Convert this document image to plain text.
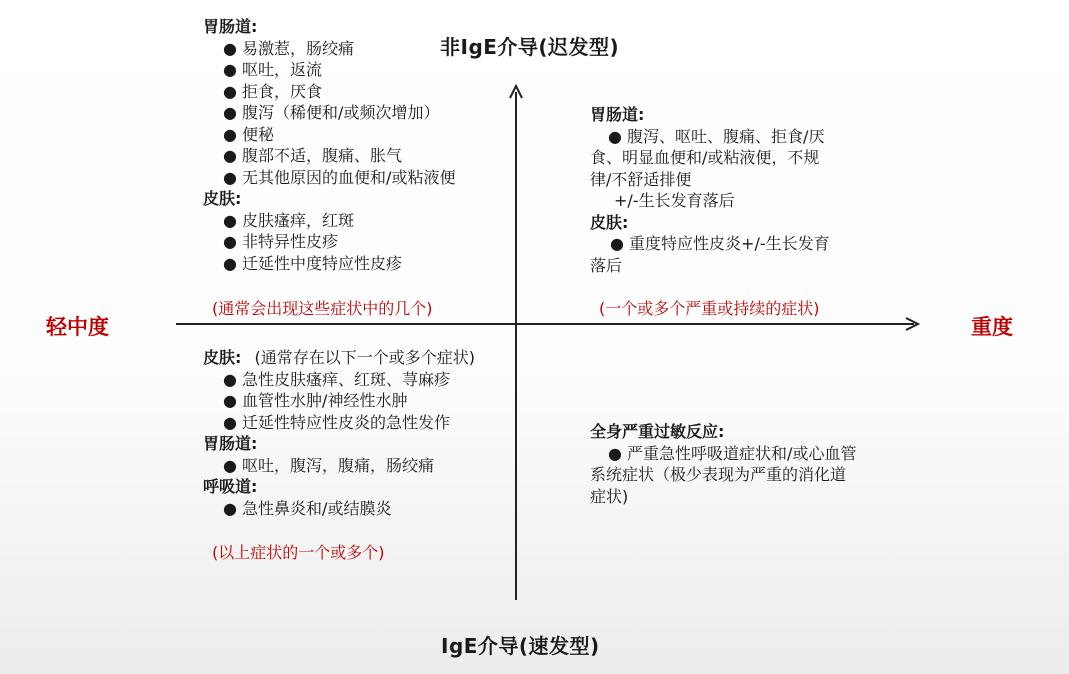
非IgE介导(迟发型)
IgE介导(速发型)
轻中度	重度
胃肠道:
● 易激惹，肠绞痛
● 呕吐，返流
● 拒食，厌食
● 腹泻（稀便和/或频次增加）
● 便秘
● 腹部不适，腹痛、胀气
● 无其他原因的血便和/或粘液便
皮肤:
● 皮肤瘙痒，红斑
● 非特异性皮疹
● 迁延性中度特应性皮疹
(通常会出现这些症状中的几个)
胃肠道:

● 腹泻、呕吐、腹痛、拒食/厌

食、明显血便和/或粘液便，不规

律/不舒适排便

+/-生长发育落后

皮肤:

● 重度特应性皮炎+/-生长发育

落后

(一个或多个严重或持续的症状)
皮肤: (通常存在以下一个或多个症状)
● 急性皮肤瘙痒、红斑、荨麻疹
● 血管性水肿/神经性水肿
● 迁延性特应性皮炎的急性发作
胃肠道:
● 呕吐，腹泻，腹痛，肠绞痛
呼吸道:
● 急性鼻炎和/或结膜炎
(以上症状的一个或多个)
全身严重过敏反应:

● 严重急性呼吸道症状和/或心血管

系统症状（极少表现为严重的消化道

症状)
